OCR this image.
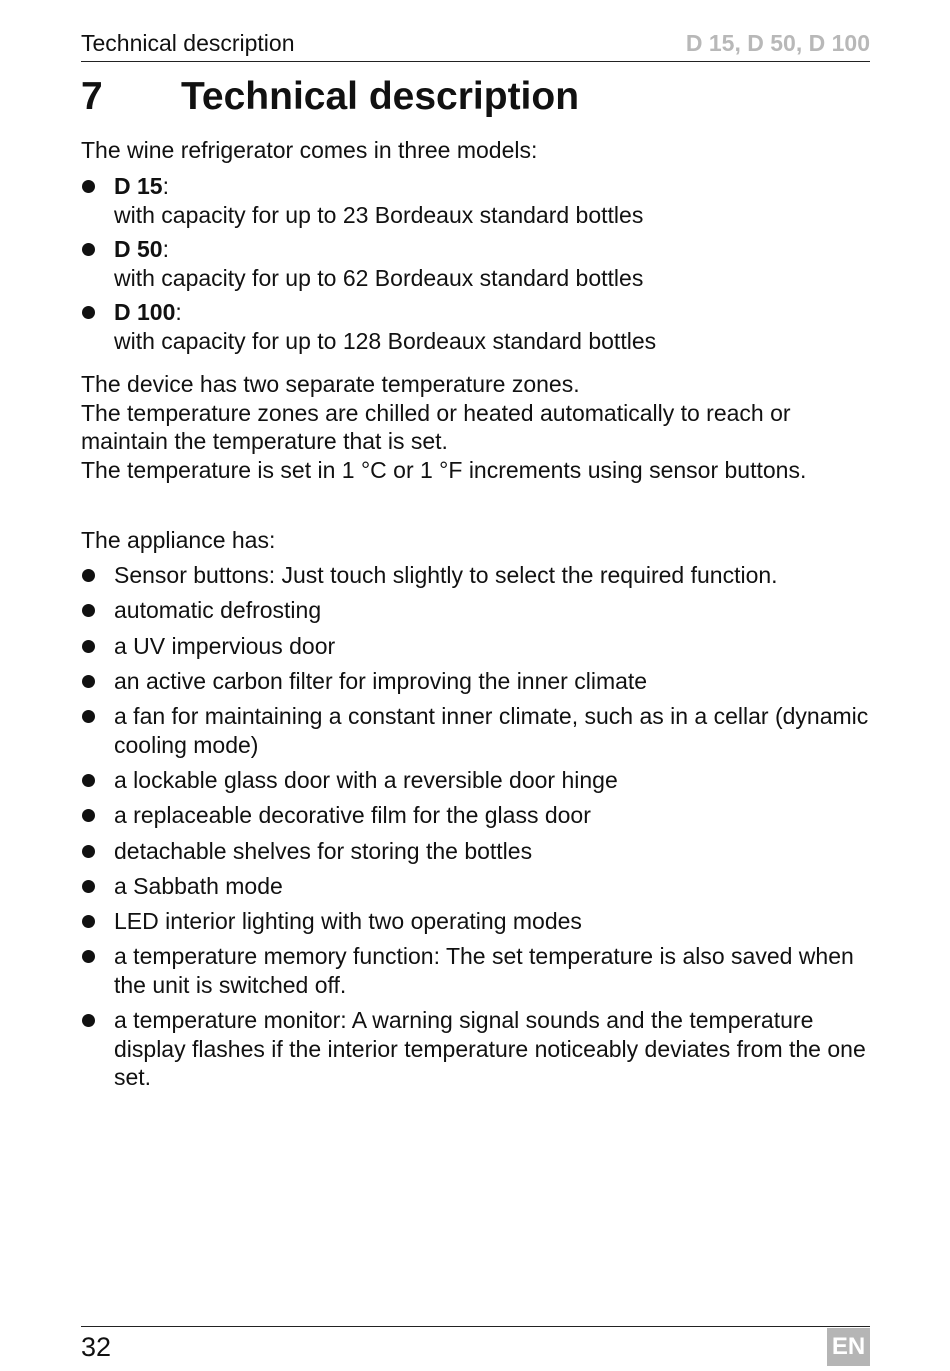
Technical description	D 15, D 50, D 100
7 Technical description
The wine refrigerator comes in three models:
D 15:
with capacity for up to 23 Bordeaux standard bottles
D 50:
with capacity for up to 62 Bordeaux standard bottles
D 100:
with capacity for up to 128 Bordeaux standard bottles
The device has two separate temperature zones.
The temperature zones are chilled or heated automatically to reach or maintain the temperature that is set.
The temperature is set in 1 °C or 1 °F increments using sensor buttons.
The appliance has:
Sensor buttons: Just touch slightly to select the required function.
automatic defrosting
a UV impervious door
an active carbon filter for improving the inner climate
a fan for maintaining a constant inner climate, such as in a cellar (dynamic cooling mode)
a lockable glass door with a reversible door hinge
a replaceable decorative film for the glass door
detachable shelves for storing the bottles
a Sabbath mode
LED interior lighting with two operating modes
a temperature memory function: The set temperature is also saved when the unit is switched off.
a temperature monitor: A warning signal sounds and the temperature display flashes if the interior temperature noticeably deviates from the one set.
32	EN
